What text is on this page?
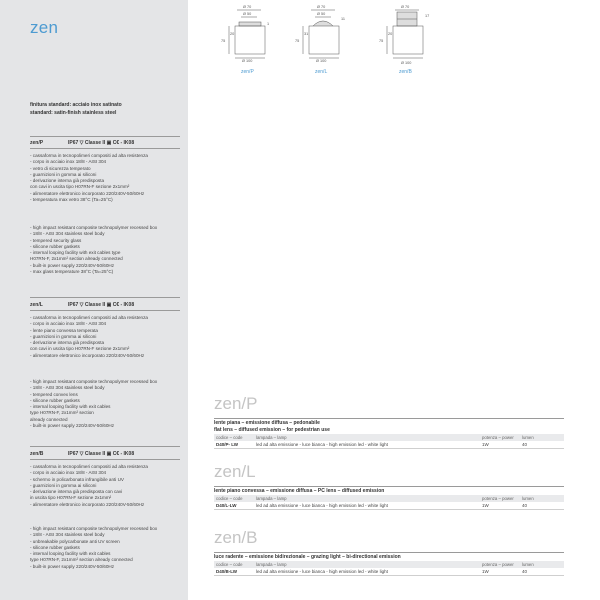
zen
finitura standard: acciaio inox satinato
standard: satin-finish stainless steel
zen/P	IP67 ▽ Classe II ▣ C€ - IK08
- cassaforma in tecnopolimeri compositi ad alta resistenza
- corpo in acciaio inox 18/8 - AISI 304
- vetro di sicurezza temperato
- guarnizioni in gomma ai siliconi
- derivazione interna già predisposta
con cavi in uscita tipo H07RN-F sezione 2x1mm²
- alimentatore elettronico incorporato 220/240V-50/60Hz
- temperatura max vetro 38°C (Ta=25°C)
- high impact resistant composite technopolymer recessed box
- 18/8 - AISI 304 stainless steel body
- tempered security glass
- silicone rubber gaskets
- internal looping facility with exit cables type
H07RN-F, 2x1mm² section already connected
- built-in power supply 220/240V-50/60Hz
- max glass temperature 38°C (Ta=25°C)
zen/L	IP67 ▽ Classe II ▣ C€ - IK08
- cassaforma in tecnopolimeri compositi ad alta resistenza
- corpo in acciaio inox 18/8 - AISI 304
- lente piano convessa temperata
- guarnizioni in gomma ai siliconi
- derivazione interna già predisposta
con cavi in uscita tipo H07RN-F sezione 2x1mm²
- alimentatore elettronico incorporato 220/240V-50/60Hz
- high impact resistant composite technopolymer recessed box
- 18/8 - AISI 304 stainless steel body
- tempered convex lens
- silicone rubber gaskets
- internal looping facility with exit cables
type H07RN-F, 2x1mm² section
already connected
- built-in power supply 220/240V-50/60Hz
zen/B	IP67 ▽ Classe II ▣ C€ - IK08
- cassaforma in tecnopolimeri compositi ad alta resistenza
- corpo in acciaio inox 18/8 - AISI 304
- schermo in policarbonato infrangibile anti UV
- guarnizioni in gomma ai siliconi
- derivazione interna già predisposta con cavi
in uscita tipo H07RN-F sezione 2x1mm²
- alimentatore elettronico incorporato 220/240V-50/60Hz
- high impact resistant composite technopolymer recessed box
- 18/8 - AISI 304 stainless steel body
- unbreakable polycarbonate anti UV screen
- silicone rubber gaskets
- internal looping facility with exit cables
type H07RN-F, 2x1mm² section already connected
- built-in power supply 220/240V-50/60Hz
Ø 70
Ø 50
Ø 100
75
20
1
Ø 70
Ø 50
Ø 100
75
31
11
Ø 70
Ø 100
75
20
17
zen/P	zen/L	zen/B
zen/P
lente piana – emissione diffusa – pedonabile
flat lens – diffused emission – for pedestrian use
codice – code	lampada – lamp	potenza – power	lumen
D40/P- LW	led ad alta emissione - luce bianca - high emission led - white light	1W	40
zen/L
lente piano convessa – emissione diffusa – PC lens – diffused emission
codice – code	lampada – lamp	potenza – power	lumen
D40/L-LW	led ad alta emissione - luce bianca - high emission led - white light	1W	40
zen/B
luce radente – emissione bidirezionale – grazing light – bi-directional emission
codice – code	lampada – lamp	potenza – power	lumen
D40/B-LW	led ad alta emissione - luce bianca - high emission led - white light	1W	40
